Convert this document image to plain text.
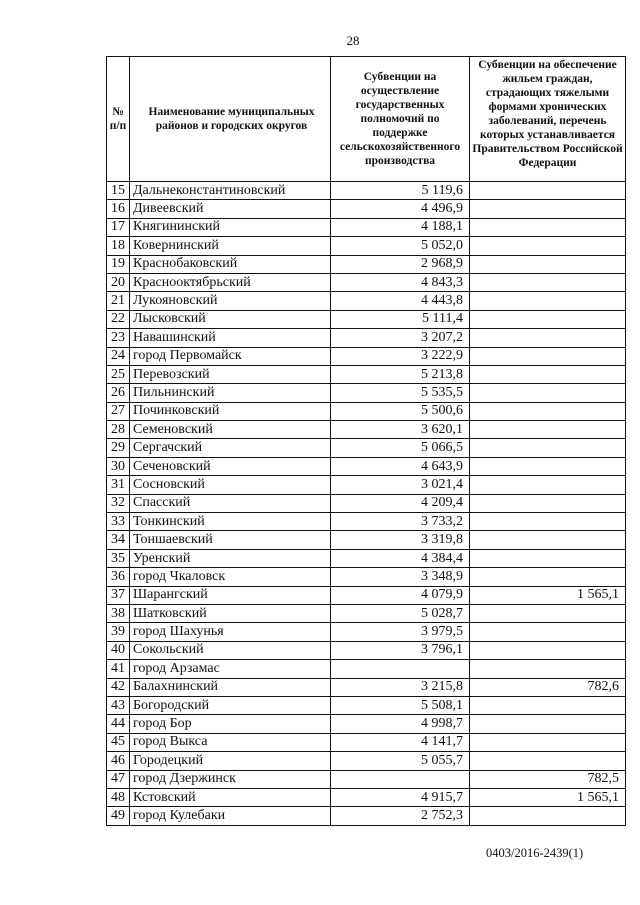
28
№ п/п	Наименование муниципальных районов и городских округов	Субвенции на осуществление государственных полномочий по поддержке сельскохозяйственного производства	Субвенции на обеспечение жильем граждан, страдающих тяжелыми формами хронических заболеваний, перечень которых устанавливается Правительством Российской Федерации
15	Дальнеконстантиновский	5 119,6	
16	Дивеевский	4 496,9	
17	Княгининский	4 188,1	
18	Ковернинский	5 052,0	
19	Краснобаковский	2 968,9	
20	Краснооктябрьский	4 843,3	
21	Лукояновский	4 443,8	
22	Лысковский	5 111,4	
23	Навашинский	3 207,2	
24	город Первомайск	3 222,9	
25	Перевозский	5 213,8	
26	Пильнинский	5 535,5	
27	Починковский	5 500,6	
28	Семеновский	3 620,1	
29	Сергачский	5 066,5	
30	Сеченовский	4 643,9	
31	Сосновский	3 021,4	
32	Спасский	4 209,4	
33	Тонкинский	3 733,2	
34	Тоншаевский	3 319,8	
35	Уренский	4 384,4	
36	город Чкаловск	3 348,9	
37	Шарангский	4 079,9	1 565,1
38	Шатковский	5 028,7	
39	город Шахунья	3 979,5	
40	Сокольский	3 796,1	
41	город Арзамас		
42	Балахнинский	3 215,8	782,6
43	Богородский	5 508,1	
44	город Бор	4 998,7	
45	город Выкса	4 141,7	
46	Городецкий	5 055,7	
47	город Дзержинск		782,5
48	Кстовский	4 915,7	1 565,1
49	город Кулебаки	2 752,3	
0403/2016-2439(1)
